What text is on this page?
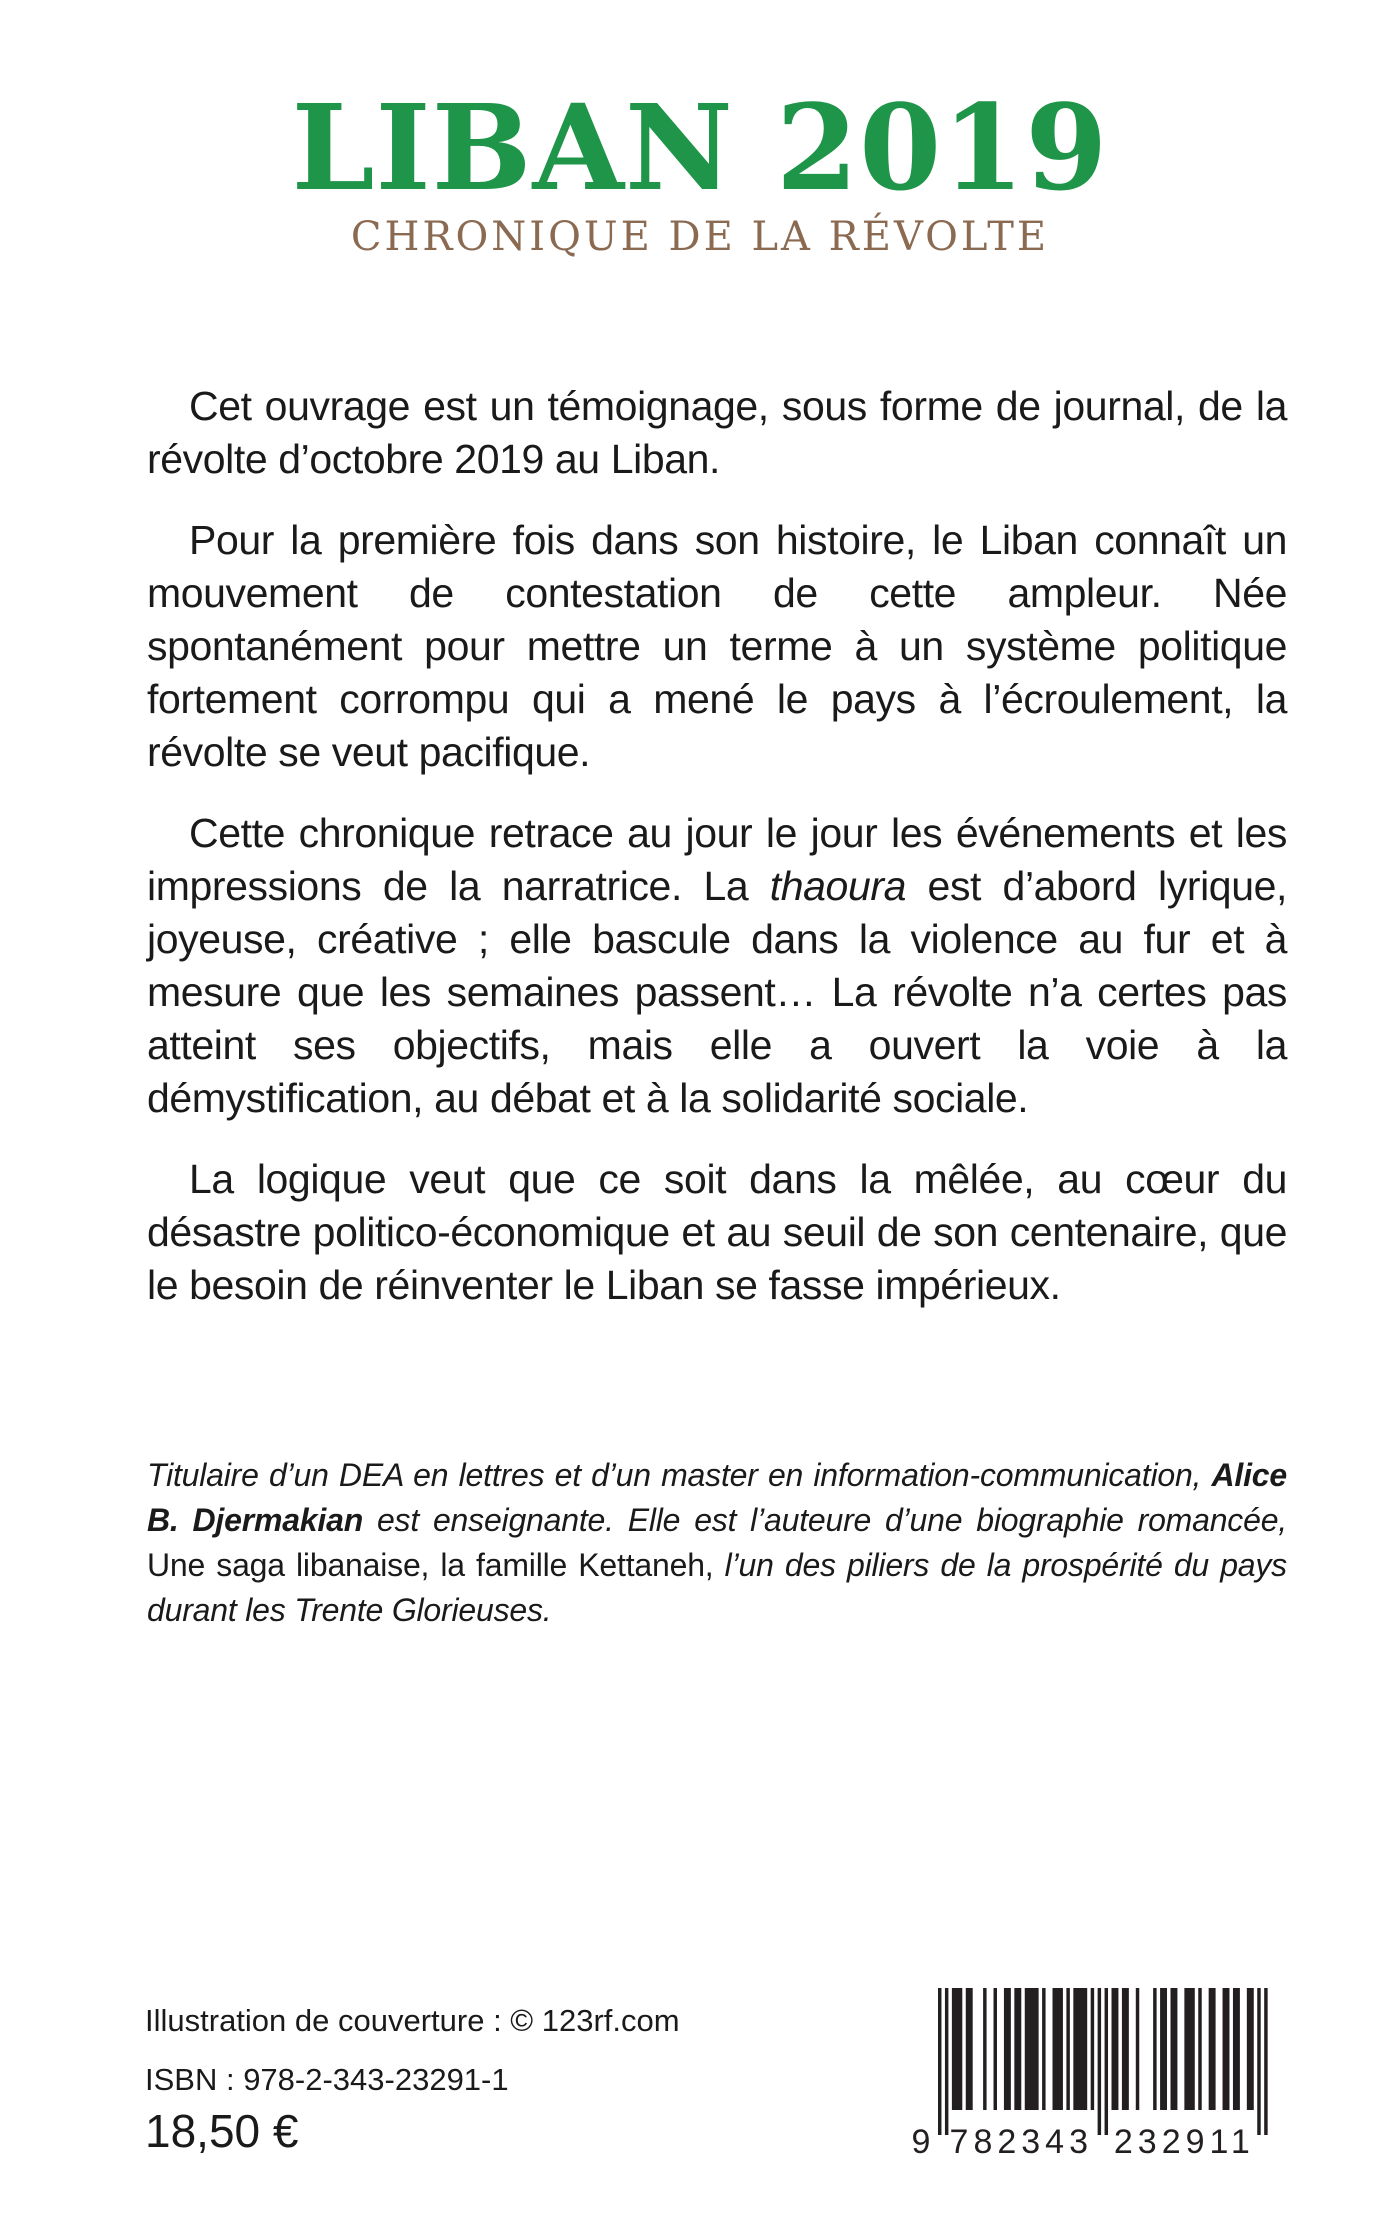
LIBAN 2019
CHRONIQUE DE LA RÉVOLTE

Cet ouvrage est un témoignage, sous forme de journal, de la révolte d’octobre 2019 au Liban.

Pour la première fois dans son histoire, le Liban connaît un mouvement de contestation de cette ampleur. Née spontanément pour mettre un terme à un système politique fortement corrompu qui a mené le pays à l’écroulement, la révolte se veut pacifique.

Cette chronique retrace au jour le jour les événements et les impressions de la narratrice. La thaoura est d’abord lyrique, joyeuse, créative ; elle bascule dans la violence au fur et à mesure que les semaines passent… La révolte n’a certes pas atteint ses objectifs, mais elle a ouvert la voie à la démystification, au débat et à la solidarité sociale.

La logique veut que ce soit dans la mêlée, au cœur du désastre politico-économique et au seuil de son centenaire, que le besoin de réinventer le Liban se fasse impérieux.

Titulaire d’un DEA en lettres et d’un master en information-communication, Alice B. Djermakian est enseignante. Elle est l’auteure d’une biographie romancée, Une saga libanaise, la famille Kettaneh, l’un des piliers de la prospérité du pays durant les Trente Glorieuses.
Illustration de couverture : © 123rf.com
ISBN : 978-2-343-23291-1
18,50 €	9 782343 232911
